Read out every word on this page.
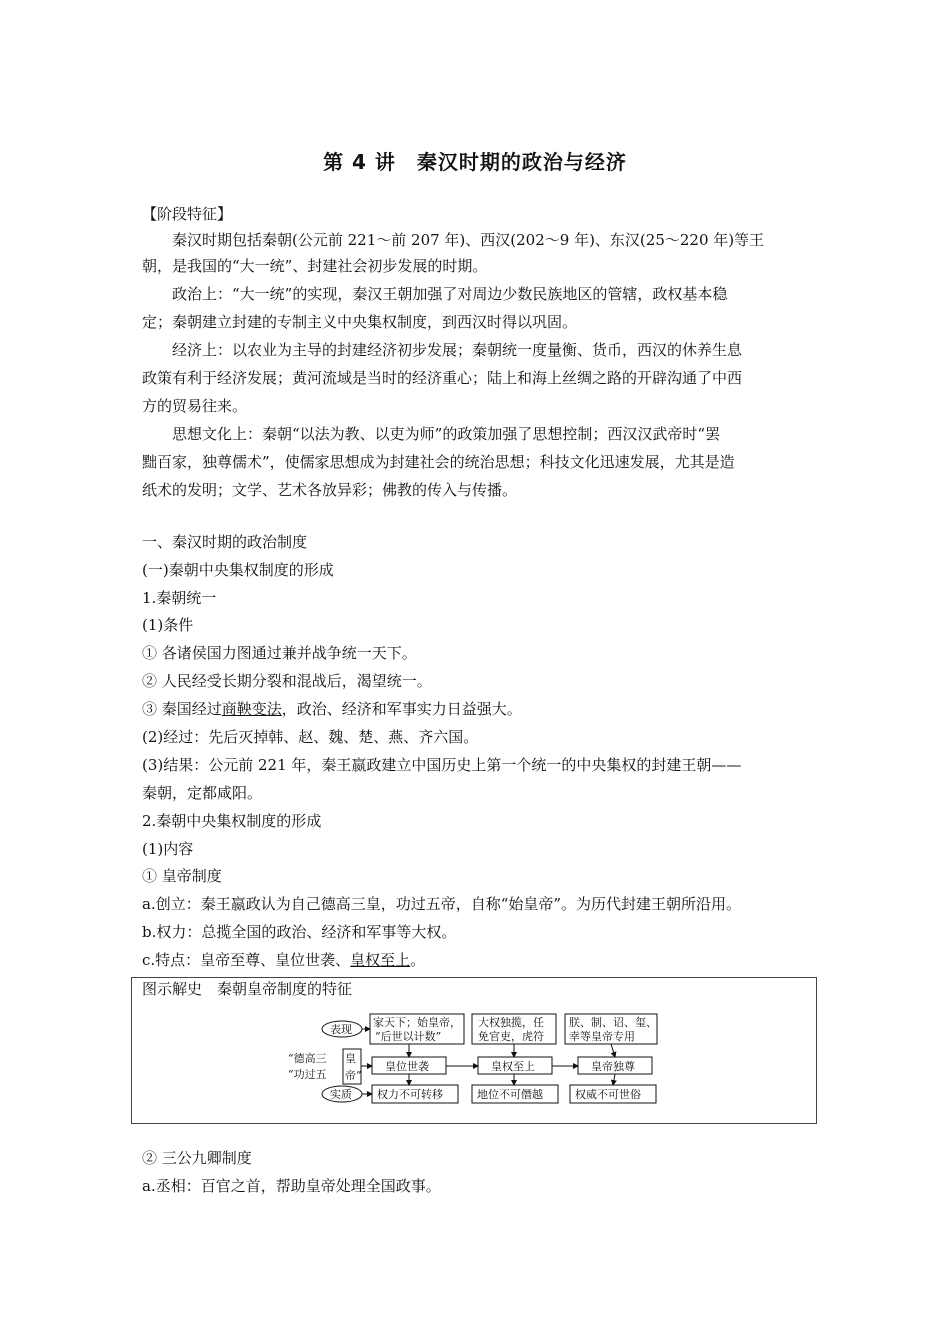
第 4 讲　秦汉时期的政治与经济
【阶段特征】
秦汉时期包括秦朝(公元前 221～前 207 年)、西汉(202～9 年)、东汉(25～220 年)等王
朝，是我国的“大一统”、封建社会初步发展的时期。
政治上：“大一统”的实现，秦汉王朝加强了对周边少数民族地区的管辖，政权基本稳
定；秦朝建立封建的专制主义中央集权制度，到西汉时得以巩固。
经济上：以农业为主导的封建经济初步发展；秦朝统一度量衡、货币，西汉的休养生息
政策有利于经济发展；黄河流域是当时的经济重心；陆上和海上丝绸之路的开辟沟通了中西
方的贸易往来。
思想文化上：秦朝“以法为教、以吏为师”的政策加强了思想控制；西汉汉武帝时“罢
黜百家，独尊儒术”，使儒家思想成为封建社会的统治思想；科技文化迅速发展，尤其是造
纸术的发明；文学、艺术各放异彩；佛教的传入与传播。
一、秦汉时期的政治制度
(一)秦朝中央集权制度的形成
1.秦朝统一
(1)条件
① 各诸侯国力图通过兼并战争统一天下。
② 人民经受长期分裂和混战后，渴望统一。
③ 秦国经过商鞅变法，政治、经济和军事实力日益强大。
(2)经过：先后灭掉韩、赵、魏、楚、燕、齐六国。
(3)结果：公元前 221 年，秦王嬴政建立中国历史上第一个统一的中央集权的封建王朝——
秦朝，定都咸阳。
2.秦朝中央集权制度的形成
(1)内容
① 皇帝制度
a.创立：秦王嬴政认为自己德高三皇，功过五帝，自称“始皇帝”。为历代封建王朝所沿用。
b.权力：总揽全国的政治、经济和军事等大权。
c.特点：皇帝至尊、皇位世袭、皇权至上。
图示解史　秦朝皇帝制度的特征
表现
实质
“德高三
“功过五
皇
帝”
家天下；始皇帝，
“后世以计数”
大权独揽，任
免官吏，虎符
朕、制、诏、玺、
幸等皇帝专用
皇位世袭	皇权至上	皇帝独尊
权力不可转移	地位不可僭越	权威不可世俗
② 三公九卿制度
a.丞相：百官之首，帮助皇帝处理全国政事。
